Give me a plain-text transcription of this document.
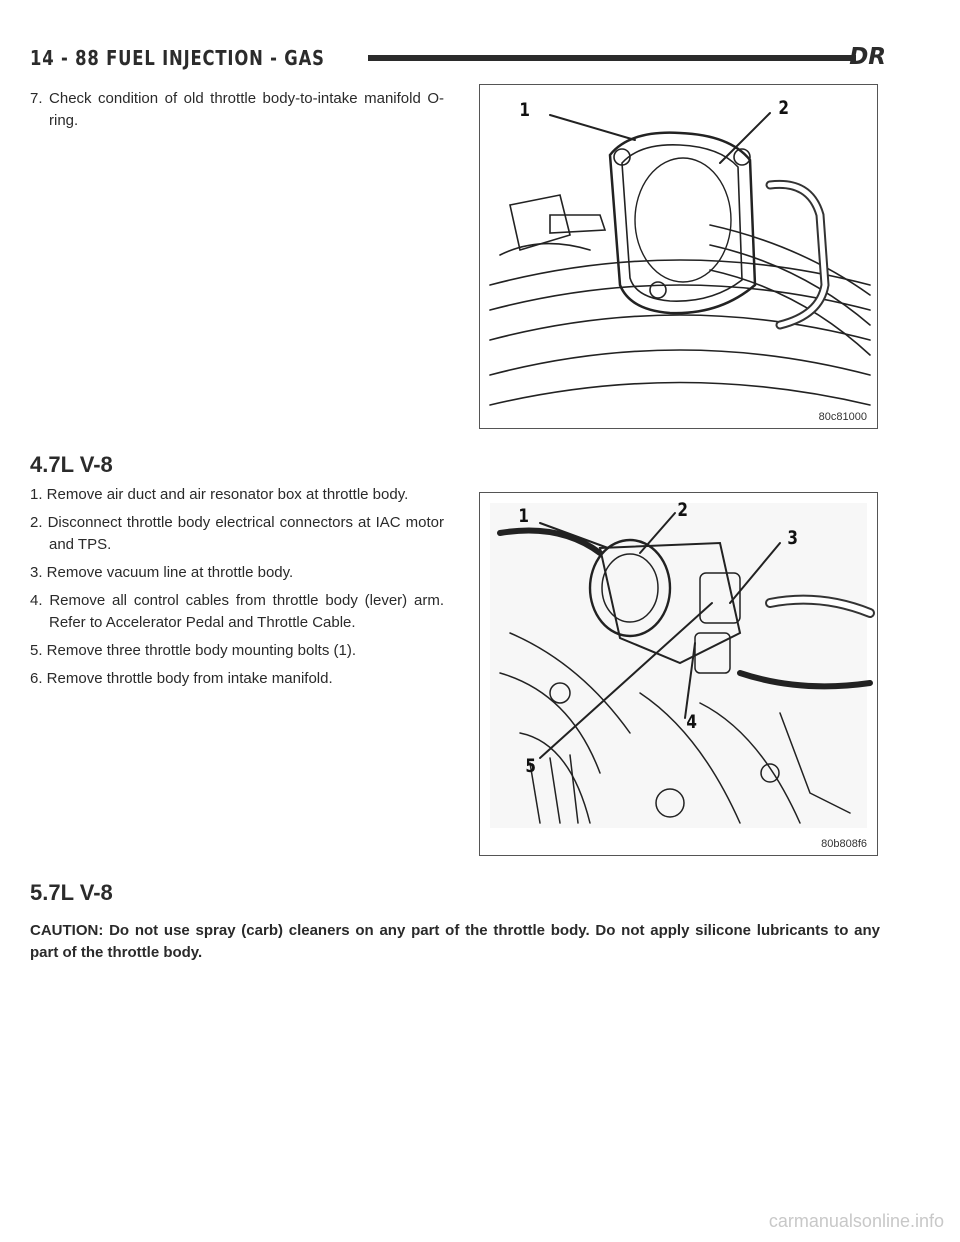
14 - 88 FUEL INJECTION - GAS	DR

7. Check condition of old throttle body-to-intake manifold O-ring.	1	2
80c81000
4.7L V-8

1. Remove air duct and air resonator box at throttle body.

2. Disconnect throttle body electrical connectors at IAC motor and TPS.

3. Remove vacuum line at throttle body.

4. Remove all control cables from throttle body (lever) arm. Refer to Accelerator Pedal and Throttle Cable.

5. Remove three throttle body mounting bolts (1).

6. Remove throttle body from intake manifold.

1	2
3
4
5
80b808f6
5.7L V-8
CAUTION: Do not use spray (carb) cleaners on any part of the throttle body. Do not apply silicone lubricants to any part of the throttle body.
carmanualsonline.info
